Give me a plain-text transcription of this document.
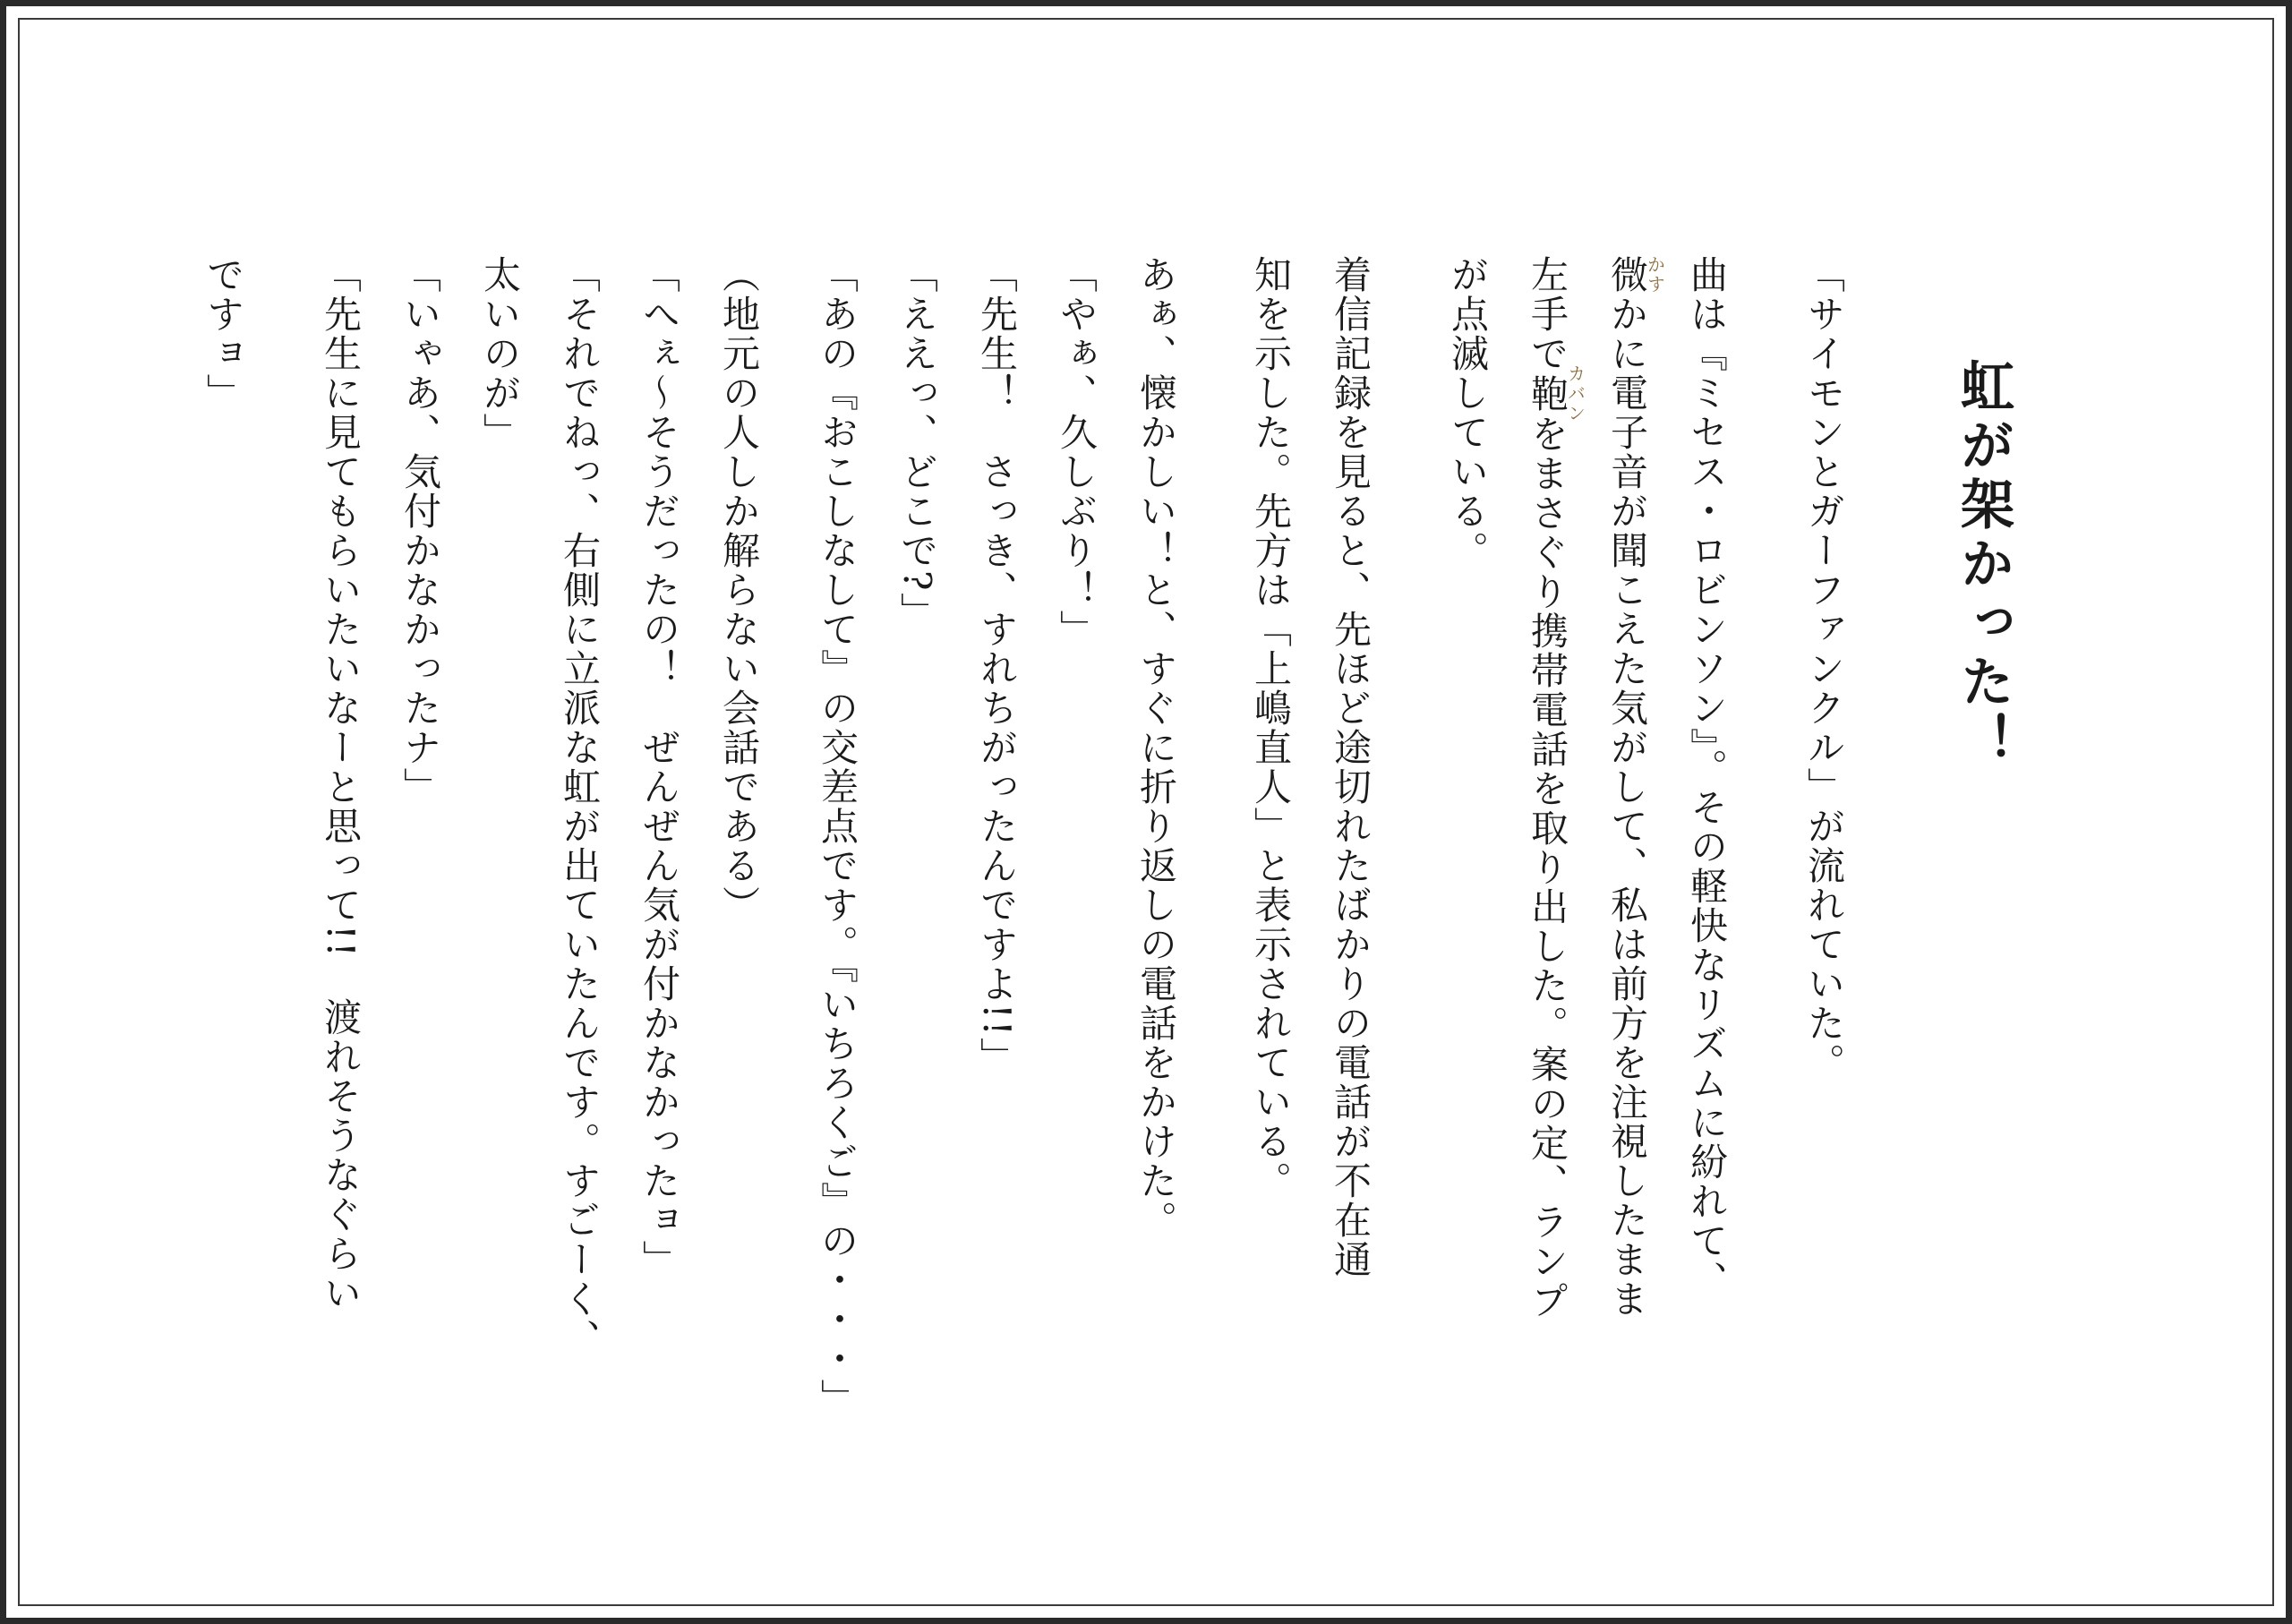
虹が架かった！
「サイモンとガーファンクル」が流れていた。
曲は『ミセス・ロビンソン』。その軽快なリズムに紛れて、
微かすかに電子音が聞こえた気がして、私は前方を注視したまま
左手で鞄カバンをまさぐり携帯電話を取り出した。案の定、ランプ
が点滅している。
着信記録を見ると、先ほど途切れたばかりの電話が不在通
知を示した。先方は「上嶋直人」と表示されている。
あぁ、懐かしい！と、すぐに折り返しの電話をかけた。
「やぁ、久しぶり！」
「先生！　さっき、すれちがったんですよ!!」
「ええっ、どこで?」
「あの『おこしなして』の交差点です。『いちろくご』の・・・」
（地元の人しか解らない会話である）
「へぇ〜そうだったの！　ぜんぜん気が付かなかったョ」
「それでねっ、右側に立派な虹が出ていたんです。すごーく、
太いのが」
「いゃあ、気付かなかったナ」
「先生に見てもらいたいなーと思って!!　渡れそうなぐらい
ですョ」
